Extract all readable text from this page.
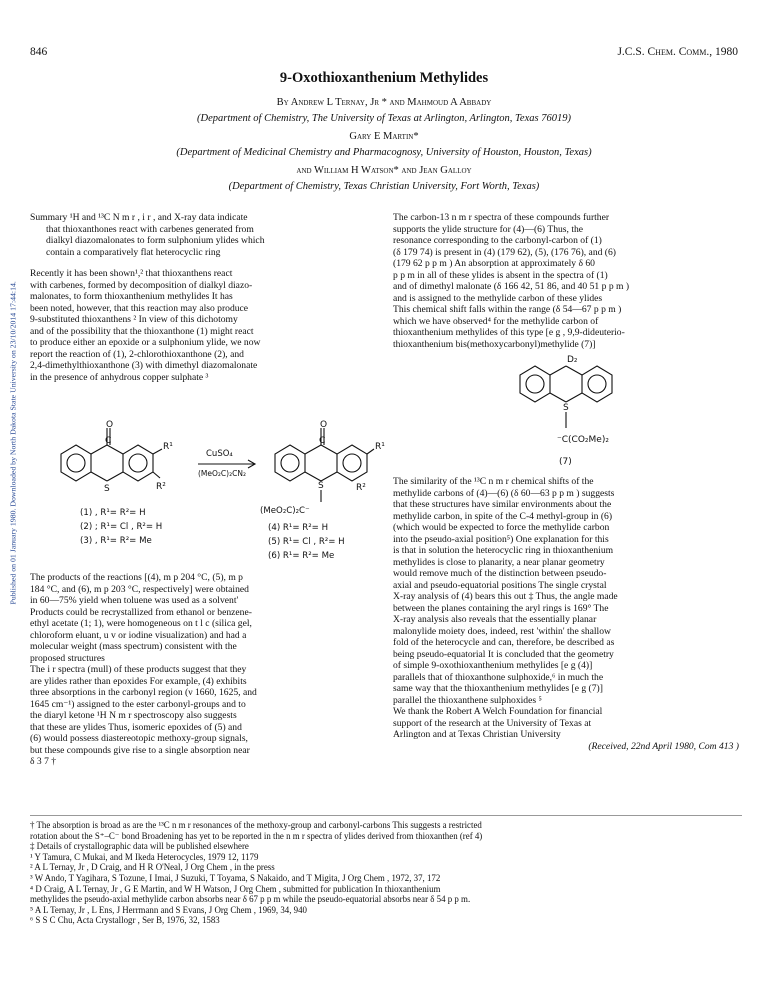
846	J.C.S. Chem. Comm., 1980
Published on 01 January 1980. Downloaded by North Dakota State University on 23/10/2014 17:44:14.
9-Oxothioxanthenium Methylides
By Andrew L Ternay, Jr * and Mahmoud A Abbady
(Department of Chemistry, The University of Texas at Arlington, Arlington, Texas 76019)
Gary E Martin*
(Department of Medicinal Chemistry and Pharmacognosy, University of Houston, Houston, Texas)
and William H Watson* and Jean Galloy
(Department of Chemistry, Texas Christian University, Fort Worth, Texas)

Summary ¹H and ¹³C N m r , i r , and X-ray data indicate

that thioxanthones react with carbenes generated from

dialkyl diazomalonates to form sulphonium ylides which

contain a comparatively flat heterocyclic ring

Recently it has been shown¹,² that thioxanthens react

with carbenes, formed by decomposition of dialkyl diazo-

malonates, to form thioxanthenium methylides It has

been noted, however, that this reaction may also produce

9-substituted thioxanthens ² In view of this dichotomy

and of the possibility that the thioxanthone (1) might react

to produce either an epoxide or a sulphonium ylide, we now

report the reaction of (1), 2-chlorothioxanthone (2), and

2,4-dimethylthioxanthone (3) with dimethyl diazomalonate

in the presence of anhydrous copper sulphate ³

O
C
S
R¹
R²
CuSO₄
(MeO₂C)₂CN₂
O
C
S
R¹
R²
(MeO₂C)₂C⁻
(1) , R¹= R²= H
(2) ; R¹= Cl , R²= H
(3) , R¹= R²= Me
(4) R¹= R²= H
(5) R¹= Cl , R²= H
(6) R¹= R²= Me

The products of the reactions [(4), m p 204 °C, (5), m p

184 °C, and (6), m p 203 °C, respectively] were obtained

in 60—75% yield when toluene was used as a solvent'

Products could be recrystallized from ethanol or benzene-

ethyl acetate (1; 1), were homogeneous on t l c (silica gel,

chloroform eluant, u v or iodine visualization) and had a

molecular weight (mass spectrum) consistent with the

proposed structures

The i r spectra (mull) of these products suggest that they

are ylides rather than epoxides For example, (4) exhibits

three absorptions in the carbonyl region (ν 1660, 1625, and

1645 cm⁻¹) assigned to the ester carbonyl-groups and to

the diaryl ketone ¹H N m r spectroscopy also suggests

that these are ylides Thus, isomeric epoxides of (5) and

(6) would possess diastereotopic methoxy-group signals,

but these compounds give rise to a single absorption near

δ 3 7 †

The carbon-13 n m r spectra of these compounds further

supports the ylide structure for (4)—(6) Thus, the

resonance corresponding to the carbonyl-carbon of (1)

(δ 179 74) is present in (4) (179 62), (5), (176 76), and (6)

(179 62 p p m ) An absorption at approximately δ 60

p p m in all of these ylides is absent in the spectra of (1)

and of dimethyl malonate (δ 166 42, 51 86, and 40 51 p p m )

and is assigned to the methylide carbon of these ylides

This chemical shift falls within the range (δ 54—67 p p m )

which we have observed⁴ for the methylide carbon of

thioxanthenium methylides of this type [e g , 9,9-dideuterio-

thioxanthenium bis(methoxycarbonyl)methylide (7)]

D₂
S
⁻C(CO₂Me)₂
(7)

The similarity of the ¹³C n m r chemical shifts of the

methylide carbons of (4)—(6) (δ 60—63 p p m ) suggests

that these structures have similar environments about the

methylide carbon, in spite of the C-4 methyl-group in (6)

(which would be expected to force the methylide carbon

into the pseudo-axial position⁵) One explanation for this

is that in solution the heterocyclic ring in thioxanthenium

methylides is close to planarity, a near planar geometry

would remove much of the distinction between pseudo-

axial and pseudo-equatorial positions The single crystal

X-ray analysis of (4) bears this out ‡ Thus, the angle made

between the planes containing the aryl rings is 169° The

X-ray analysis also reveals that the essentially planar

malonylide moiety does, indeed, rest 'within' the shallow

fold of the heterocycle and can, therefore, be described as

being pseudo-equatorial It is concluded that the geometry

of simple 9-oxothioxanthenium methylides [e g (4)]

parallels that of thioxanthone sulphoxide,⁶ in much the

same way that the thioxanthenium methylides [e g (7)]

parallel the thioxanthene sulphoxides ⁵

We thank the Robert A Welch Foundation for financial

support of the research at the University of Texas at

Arlington and at Texas Christian University

(Received, 22nd April 1980, Com 413 )

† The absorption is broad as are the ¹³C n m r resonances of the methoxy-group and carbonyl-carbons This suggests a restricted

rotation about the S⁺–C⁻ bond Broadening has yet to be reported in the n m r spectra of ylides derived from thioxanthen (ref 4)

‡ Details of crystallographic data will be published elsewhere

¹ Y Tamura, C Mukai, and M Ikeda Heterocycles, 1979 12, 1179

² A L Ternay, Jr , D Craig, and H R O'Neal, J Org Chem , in the press

³ W Ando, T Yagihara, S Tozune, I Imai, J Suzuki, T Toyama, S Nakaido, and T Migita, J Org Chem , 1972, 37, 172

⁴ D Craig, A L Ternay, Jr , G E Martin, and W H Watson, J Org Chem , submitted for publication In thioxanthenium

methylides the pseudo-axial methylide carbon absorbs near δ 67 p p m while the pseudo-equatorial absorbs near δ 54 p p m.

⁵ A L Ternay, Jr , L Ens, J Herrmann and S Evans, J Org Chem , 1969, 34, 940

⁶ S S C Chu, Acta Crystallogr , Ser B, 1976, 32, 1583
